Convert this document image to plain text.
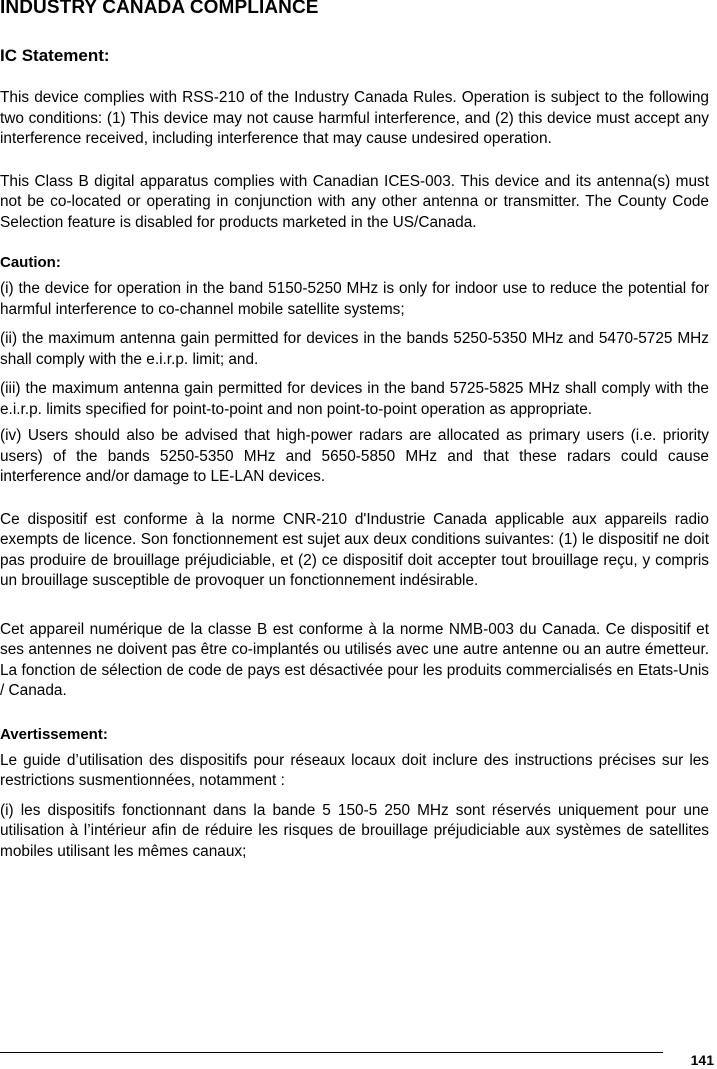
INDUSTRY CANADA COMPLIANCE
IC Statement:

This device complies with RSS-210 of the Industry Canada Rules. Operation is subject to the following two conditions: (1) This device may not cause harmful interference, and (2) this device must accept any interference received, including interference that may cause undesired operation.

This Class B digital apparatus complies with Canadian ICES-003. This device and its antenna(s) must not be co-located or operating in conjunction with any other antenna or transmitter. The County Code Selection feature is disabled for products marketed in the US/Canada.

Caution:

(i) the device for operation in the band 5150-5250 MHz is only for indoor use to reduce the potential for harmful interference to co-channel mobile satellite systems;

(ii) the maximum antenna gain permitted for devices in the bands 5250-5350 MHz and 5470-5725 MHz shall comply with the e.i.r.p. limit; and.

(iii) the maximum antenna gain permitted for devices in the band 5725-5825 MHz shall comply with the e.i.r.p. limits specified for point-to-point and non point-to-point operation as appropriate.

(iv) Users should also be advised that high-power radars are allocated as primary users (i.e. priority users) of the bands 5250-5350 MHz and 5650-5850 MHz and that these radars could cause interference and/or damage to LE-LAN devices.

Ce dispositif est conforme à la norme CNR-210 d'Industrie Canada applicable aux appareils radio exempts de licence. Son fonctionnement est sujet aux deux conditions suivantes: (1) le dispositif ne doit pas produire de brouillage préjudiciable, et (2) ce dispositif doit accepter tout brouillage reçu, y compris un brouillage susceptible de provoquer un fonctionnement indésirable.

Cet appareil numérique de la classe B est conforme à la norme NMB-003 du Canada. Ce dispositif et ses antennes ne doivent pas être co-implantés ou utilisés avec une autre antenne ou an autre émetteur. La fonction de sélection de code de pays est désactivée pour les produits commercialisés en Etats-Unis / Canada.

Avertissement:

Le guide d’utilisation des dispositifs pour réseaux locaux doit inclure des instructions précises sur les restrictions susmentionnées, notamment :

(i) les dispositifs fonctionnant dans la bande 5 150-5 250 MHz sont réservés uniquement pour une utilisation à l’intérieur afin de réduire les risques de brouillage préjudiciable aux systèmes de satellites mobiles utilisant les mêmes canaux;

141
